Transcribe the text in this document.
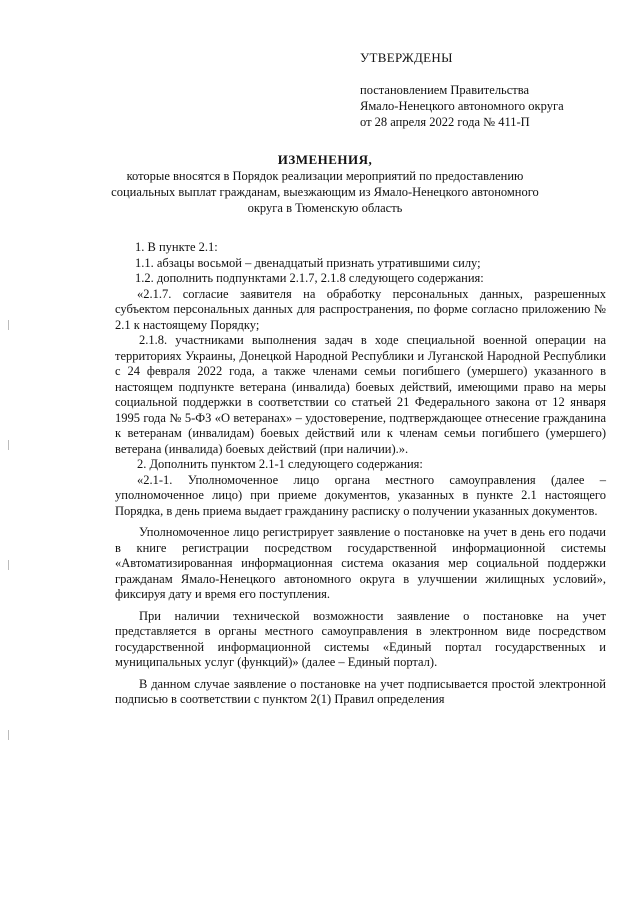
УТВЕРЖДЕНЫ
постановлением Правительства
Ямало-Ненецкого автономного округа
от 28 апреля 2022 года № 411-П
ИЗМЕНЕНИЯ,
которые вносятся в Порядок реализации мероприятий по предоставлению
социальных выплат гражданам, выезжающим из Ямало-Ненецкого автономного
округа в Тюменскую область

1. В пункте 2.1:

1.1. абзацы восьмой – двенадцатый признать утратившими силу;

1.2. дополнить подпунктами 2.1.7, 2.1.8 следующего содержания:

«2.1.7. согласие заявителя на обработку персональных данных, разрешенных субъектом персональных данных для распространения, по форме согласно приложению № 2.1 к настоящему Порядку;

2.1.8. участниками выполнения задач в ходе специальной военной операции на территориях Украины, Донецкой Народной Республики и Луганской Народной Республики с 24 февраля 2022 года, а также членами семьи погибшего (умершего) указанного в настоящем подпункте ветерана (инвалида) боевых действий, имеющими право на меры социальной поддержки в соответствии со статьей 21 Федерального закона от 12 января 1995 года № 5-ФЗ «О ветеранах» – удостоверение, подтверждающее отнесение гражданина к ветеранам (инвалидам) боевых действий или к членам семьи погибшего (умершего) ветерана (инвалида) боевых действий (при наличии).».

2. Дополнить пунктом 2.1-1 следующего содержания:

«2.1-1. Уполномоченное лицо органа местного самоуправления (далее – уполномоченное лицо) при приеме документов, указанных в пункте 2.1 настоящего Порядка, в день приема выдает гражданину расписку о получении указанных документов.

Уполномоченное лицо регистрирует заявление о постановке на учет в день его подачи в книге регистрации посредством государственной информационной системы «Автоматизированная информационная система оказания мер социальной поддержки гражданам Ямало-Ненецкого автономного округа в улучшении жилищных условий», фиксируя дату и время его поступления.

При наличии технической возможности заявление о постановке на учет представляется в органы местного самоуправления в электронном виде посредством государственной информационной системы «Единый портал государственных и муниципальных услуг (функций)» (далее – Единый портал).

В данном случае заявление о постановке на учет подписывается простой электронной подписью в соответствии с пунктом 2(1) Правил определения
